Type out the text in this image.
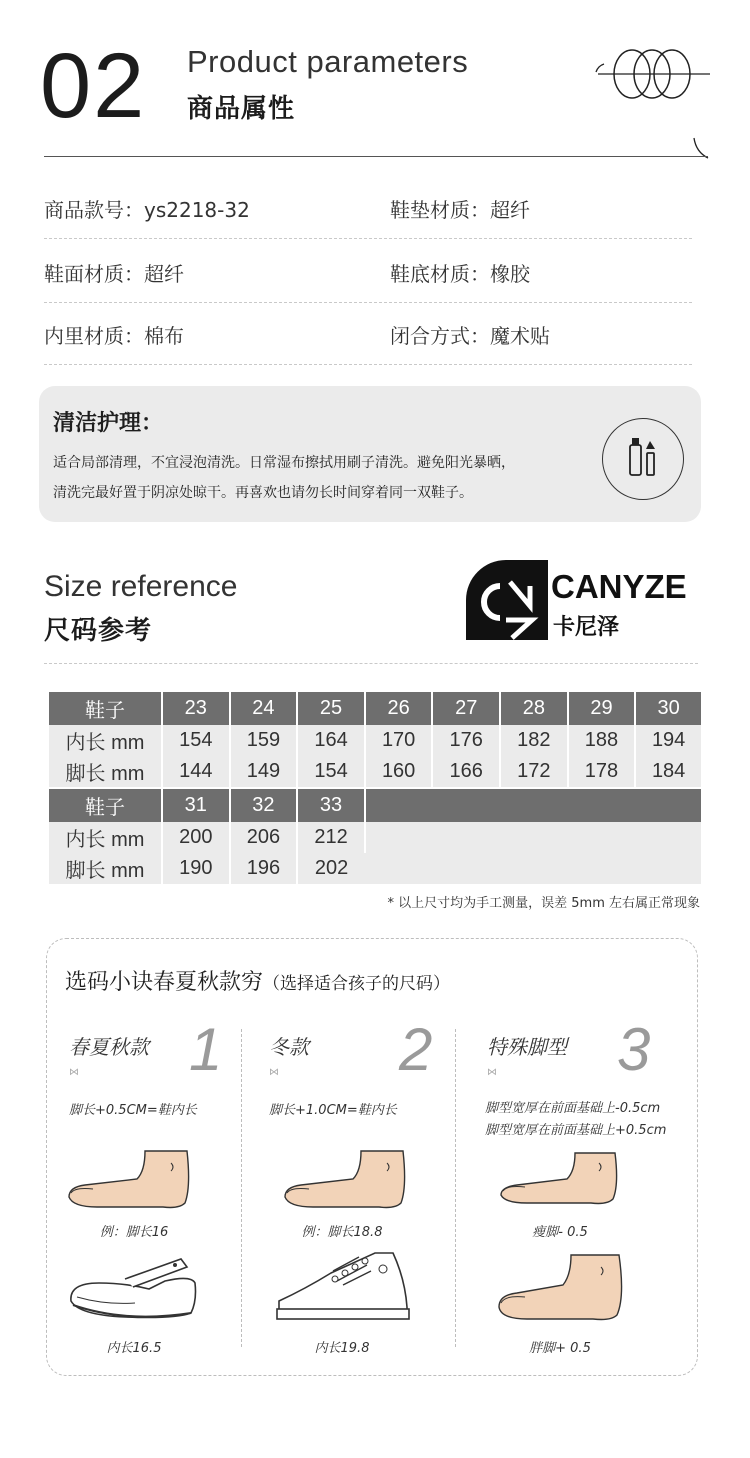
02 Product parameters
商品属性
商品款号：ys2218-32	鞋垫材质：超纤
鞋面材质：超纤	鞋底材质：橡胶
内里材质：棉布	闭合方式：魔术贴
清洁护理：
适合局部清理，不宜浸泡清洗。日常湿布擦拭用刷子清洗。避免阳光暴晒，
清洗完最好置于阴凉处晾干。再喜欢也请勿长时间穿着同一双鞋子。
Size reference
尺码参考
CANYZE
卡尼泽
鞋子	23	24	25	26	27	28	29	30
内长 mm	154	159	164	170	176	182	188	194
脚长 mm	144	149	154	160	166	172	178	184

鞋子	31	32	33					
内长 mm	200	206	212					
脚长 mm	190	196	202					
* 以上尺寸均为手工测量，误差 5mm 左右属正常现象
选码小诀春夏秋款穷（选择适合孩子的尺码）
春夏秋款 1
⋈
脚长+0.5CM=鞋内长
例：脚长16
内长16.5
冬款 2
⋈
脚长+1.0CM=鞋内长
例：脚长18.8
内长19.8
特殊脚型 3
⋈
脚型宽厚在前面基础上-0.5cm
脚型宽厚在前面基础上+0.5cm
瘦脚- 0.5
胖脚+ 0.5
